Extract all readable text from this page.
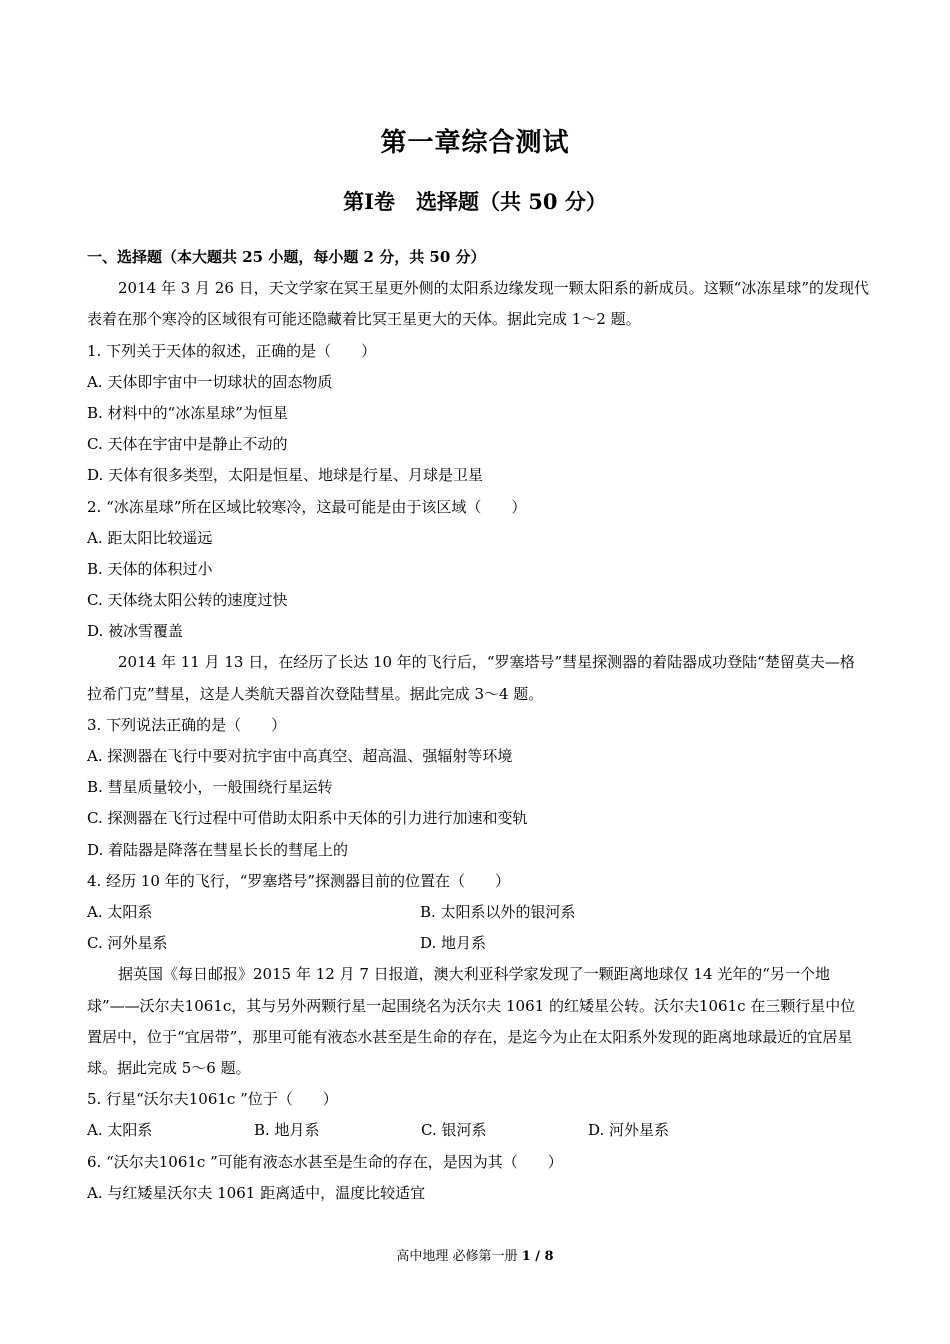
第一章综合测试
第Ⅰ卷　选择题（共 50 分）
一、选择题（本大题共 25 小题，每小题 2 分，共 50 分）
2014 年 3 月 26 日，天文学家在冥王星更外侧的太阳系边缘发现一颗太阳系的新成员。这颗“冰冻星球”的发现代表着在那个寒冷的区域很有可能还隐藏着比冥王星更大的天体。据此完成 1～2 题。
1. 下列关于天体的叙述，正确的是（　　）
A. 天体即宇宙中一切球状的固态物质
B. 材料中的“冰冻星球”为恒星
C. 天体在宇宙中是静止不动的
D. 天体有很多类型，太阳是恒星、地球是行星、月球是卫星
2. “冰冻星球”所在区域比较寒冷，这最可能是由于该区域（　　）
A. 距太阳比较遥远
B. 天体的体积过小
C. 天体绕太阳公转的速度过快
D. 被冰雪覆盖
2014 年 11 月 13 日，在经历了长达 10 年的飞行后，“罗塞塔号”彗星探测器的着陆器成功登陆“楚留莫夫—格拉希门克”彗星，这是人类航天器首次登陆彗星。据此完成 3～4 题。
3. 下列说法正确的是（　　）
A. 探测器在飞行中要对抗宇宙中高真空、超高温、强辐射等环境
B. 彗星质量较小，一般围绕行星运转
C. 探测器在飞行过程中可借助太阳系中天体的引力进行加速和变轨
D. 着陆器是降落在彗星长长的彗尾上的
4. 经历 10 年的飞行，“罗塞塔号”探测器目前的位置在（　　）
A. 太阳系	B. 太阳系以外的银河系
C. 河外星系	D. 地月系
据英国《每日邮报》2015 年 12 月 7 日报道，澳大利亚科学家发现了一颗距离地球仅 14 光年的“另一个地球”——沃尔夫1061c，其与另外两颗行星一起围绕名为沃尔夫 1061 的红矮星公转。沃尔夫1061c 在三颗行星中位置居中，位于“宜居带”，那里可能有液态水甚至是生命的存在，是迄今为止在太阳系外发现的距离地球最近的宜居星球。据此完成 5～6 题。
5. 行星“沃尔夫1061c ”位于（　　）
A. 太阳系	B. 地月系	C. 银河系	D. 河外星系
6. “沃尔夫1061c ”可能有液态水甚至是生命的存在，是因为其（　　）
A. 与红矮星沃尔夫 1061 距离适中，温度比较适宜
高中地理 必修第一册 1 / 8
